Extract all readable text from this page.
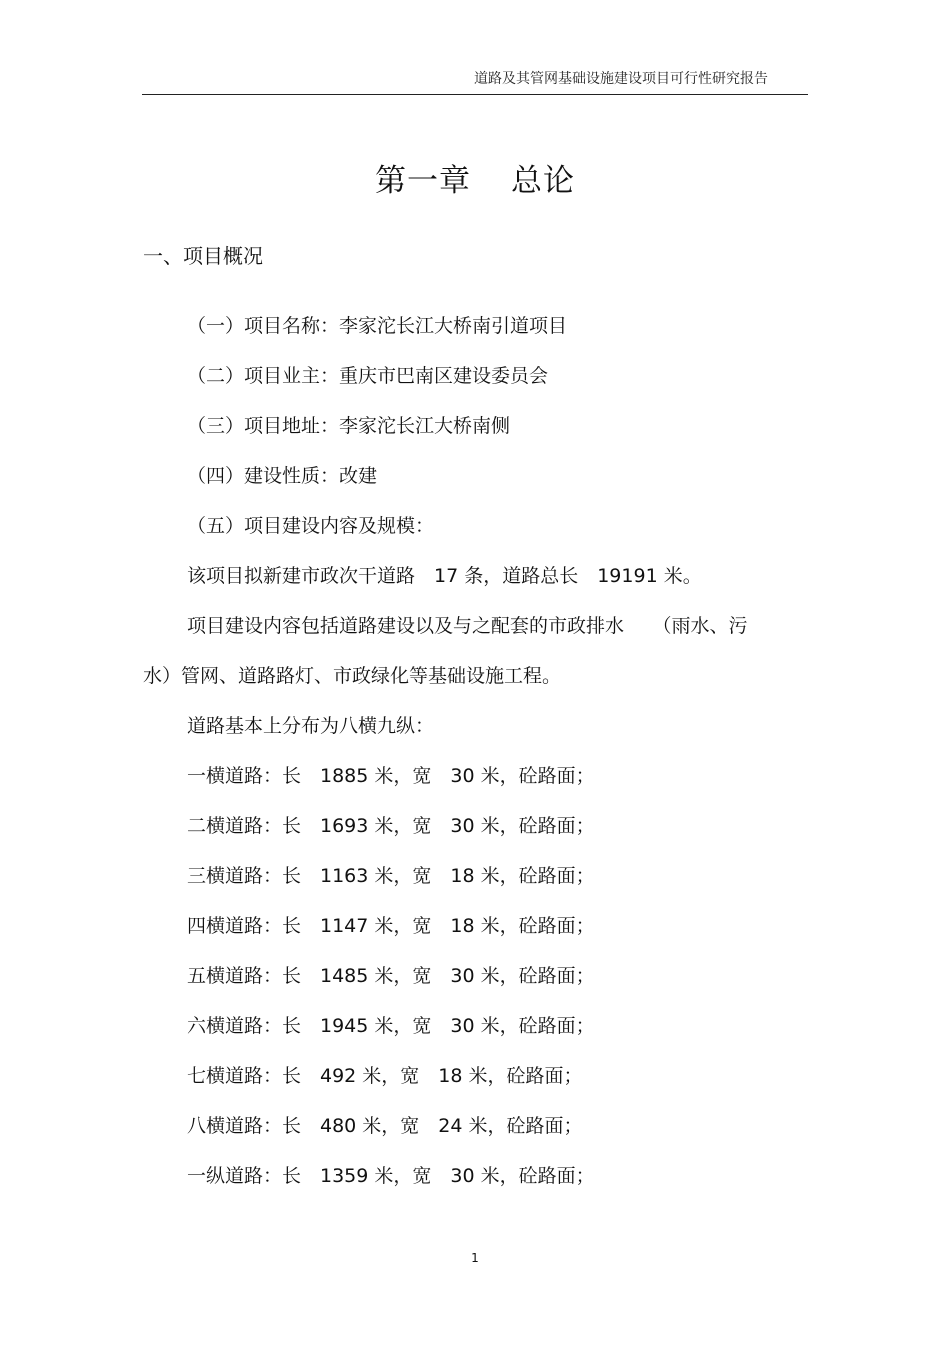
道路及其管网基础设施建设项目可行性研究报告
第一章 总论
一、项目概况
（一）项目名称：李家沱长江大桥南引道项目
（二）项目业主：重庆市巴南区建设委员会
（三）项目地址：李家沱长江大桥南侧
（四）建设性质：改建
（五）项目建设内容及规模：
该项目拟新建市政次干道路　17 条，道路总长　19191 米。
项目建设内容包括道路建设以及与之配套的市政排水　　（雨水、污
水）管网、道路路灯、市政绿化等基础设施工程。
道路基本上分布为八横九纵：
一横道路：长　1885 米，宽　30 米，砼路面；
二横道路：长　1693 米，宽　30 米，砼路面；
三横道路：长　1163 米，宽　18 米，砼路面；
四横道路：长　1147 米，宽　18 米，砼路面；
五横道路：长　1485 米，宽　30 米，砼路面；
六横道路：长　1945 米，宽　30 米，砼路面；
七横道路：长　492 米，宽　18 米，砼路面；
八横道路：长　480 米，宽　24 米，砼路面；
一纵道路：长　1359 米，宽　30 米，砼路面；
1
